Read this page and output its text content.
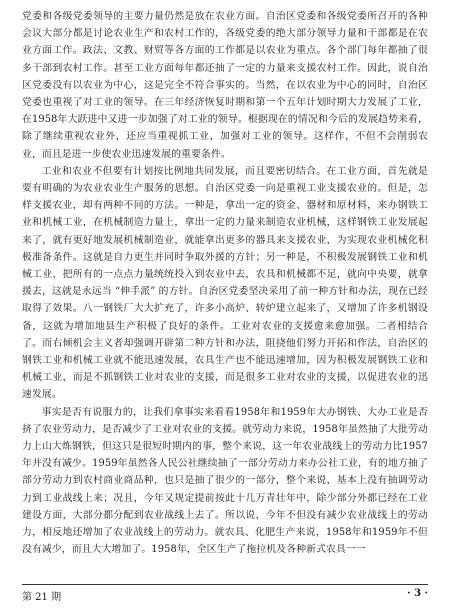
党委和各级党委领导的主要力量仍然是放在农业方面。自治区党委和各级党委所召开的各种会议大部分都是讨论农业生产和农村工作的，各级党委的绝大部分领导力量和干部都是在农业方面工作。政法、文教、财贸等各方面的工作都是以农业为重点。各个部门每年都抽了很多干部到农村工作。甚至工业方面每年都还抽了一定的力量来支援农村工作。因此，说自治区党委没有以农业为中心，这是完全不符合事实的。当然，在以农业为中心的同时，自治区党委也重视了对工业的领导。在三年经济恢复时期和第一个五年计划时期大力发展了工业，在1958年大跃进中又进一步加强了对工业的领导。根据现在的情况和今后的发展趋势来看，除了继续重视农业外，还应当重视抓工业，加强对工业的领导。这样作，不但不会削弱农业，而且是进一步使农业迅速发展的重要条件。

工业和农业不但要有计划按比例地共同发展，而且要密切结合。在工业方面，首先就是要有明确的为农业农业生产服务的思想。自治区党委一向是重视工业支援农业的。但是，怎样支援农业，却有两种不同的方法。一种是，拿出一定的资金、器材和原材料，来办钢铁工业和机械工业，在机械制造力量上，拿出一定的力量来制造农业机械，这样钢铁工业发展起来了，就有更好地发展机械制造业，就能拿出更多的器具来支援农业，为实现农业机械化积极准备条件。这就是自力更生并同时争取外援的方针；另一种是，不积极发展钢铁工业和机械工业，把所有的一点点力量统统投入到农业中去，农具和机械都不足，就向中央要，就拿援去，这就是永远当 “伸手派” 的方针。自治区党委坚决采用了前一种方针和办法，现在已经取得了效果。八一钢铁厂大大扩充了，许多小高炉、转炉建立起来了，又增加了许多机钢设备，这就为增加地县生产积极了良好的条件。工业对农业的支援愈来愈加强。二者相结合了。而右倾机会主义者却强调开辟第二种方针和办法，阻挠他们努力开拓和作法，自治区的钢铁工业和机械工业就不能迅速发展，农具生产也不能迅速增加，因为积极发展钢铁工业和机械工业，而是不抓钢铁工业对农业的支援，而是很多工业对农业的支援，以促进农业的迅速发展。

事实是否有说服力的，让我们拿事实来看看1958年和1959年大办钢铁、大办工业是否挤了农业劳动力，是否减少了工业对农业的支援。就劳动力来说，1958年虽然抽了大批劳动力上山大炼钢铁，但这只是很短时期内的事，整个来说，这一年农业战线上的劳动力比1957年并没有减少。1959年虽然各人民公社继续抽了一部分劳动力来办公社工业，有的地方抽了部分劳动力到农村商业商品种，也只是抽了很少的一部分，整个来说，基本上没有抽调劳动力到工业战线上来；况且，今年又规定提前按此十几万青壮年中，除少部分外都已经在工业建设方面，大部分都分配到农业战线上去了。所以说，今年不但没有减少农业战线上的劳动力，相反地还增加了农业战线上的劳动力。就农具、化肥生产来说，1958年和1959年不但没有减少，而且大大增加了。1958年，全区生产了拖拉机及各种新式农具一一

第 21 期	· 3 ·
